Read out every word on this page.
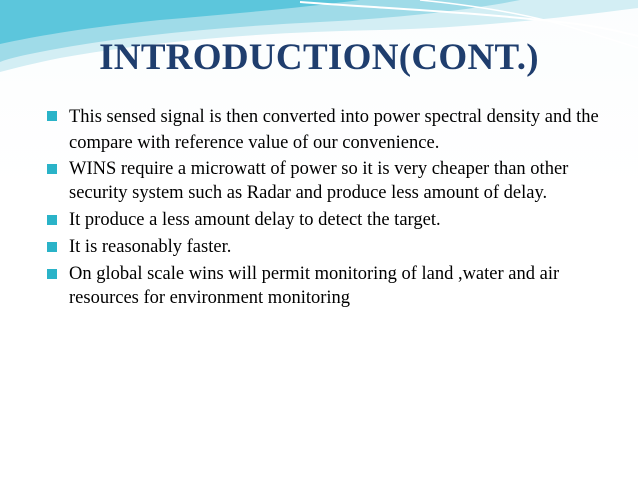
INTRODUCTION(CONT.)
This sensed signal is then converted into power spectral density and the compare with reference value of our convenience.
WINS require a microwatt of power so it is very cheaper than other security system such as Radar and produce less amount of delay.
It produce a less amount delay to detect the target.
It is reasonably faster.
On global scale wins will permit monitoring of land ,water and air resources for environment monitoring
